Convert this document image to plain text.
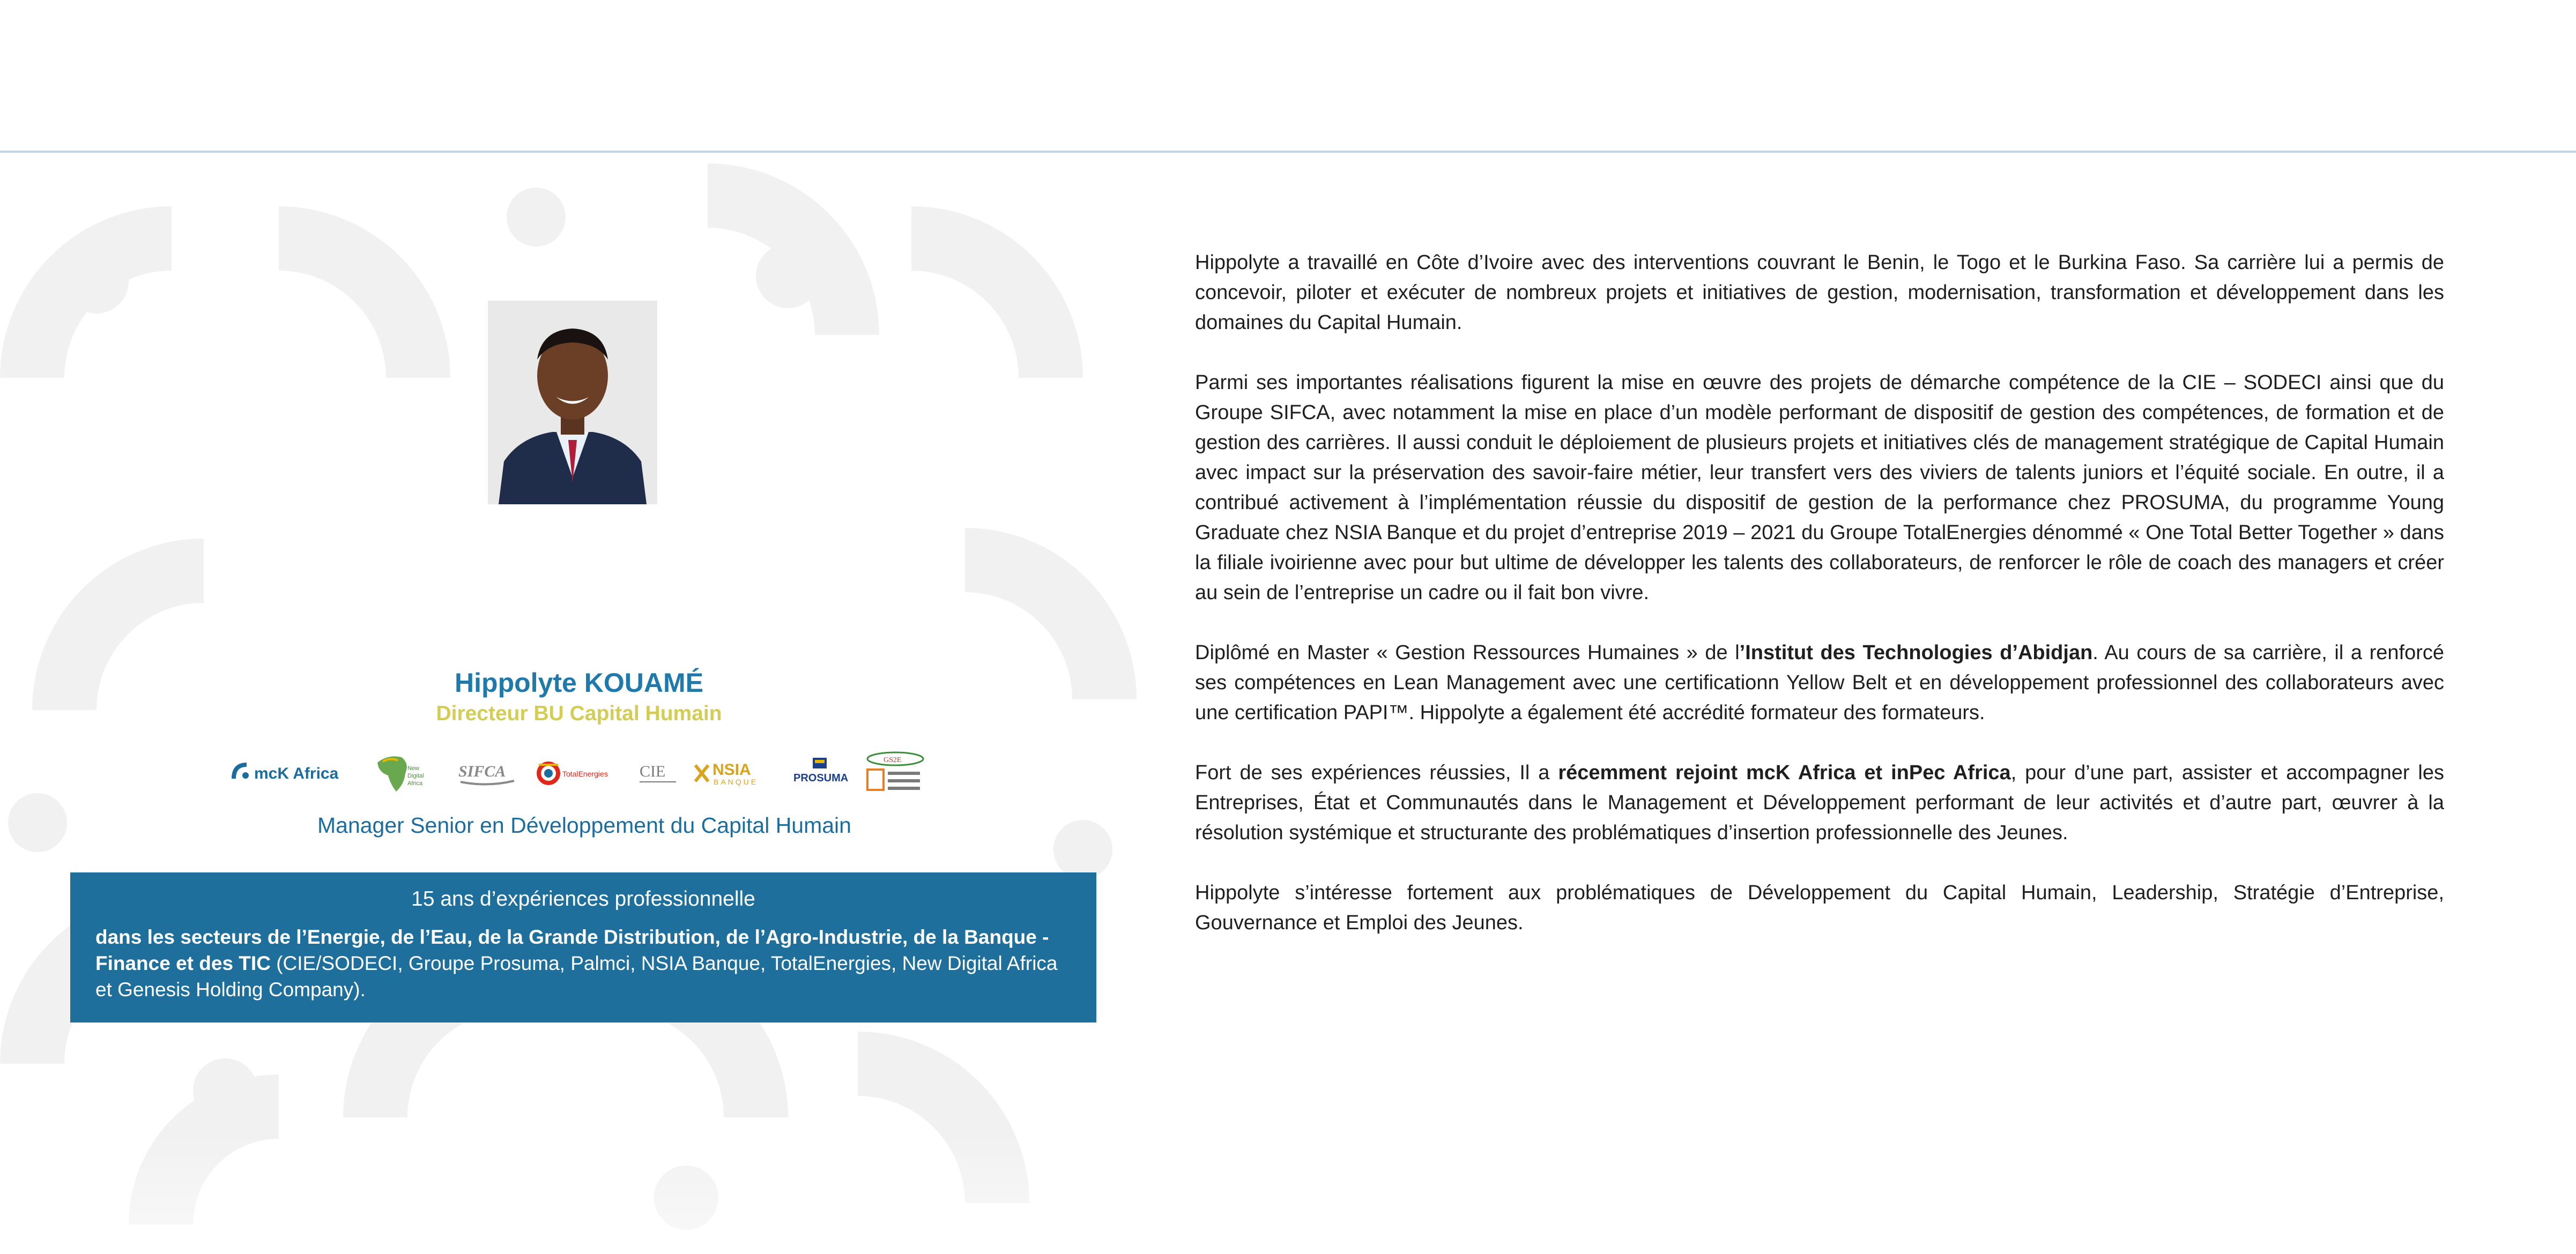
Hippolyte KOUAMÉ
Directeur BU Capital Humain
mcK Africa	New
Digital
Africa
SIFCA	TotalEnergies CIE	NSIA
BANQUE	PROSUMA
GS2E
Manager Senior en Développement du Capital Humain
15 ans d’expériences professionnelle
dans les secteurs de l’Energie, de l’Eau, de la Grande Distribution, de l’Agro-Industrie, de la Banque - Finance et des TIC (CIE/SODECI, Groupe Prosuma, Palmci, NSIA Banque, TotalEnergies, New Digital Africa et Genesis Holding Company).

Hippolyte a travaillé en Côte d’Ivoire avec des interventions couvrant le Benin, le Togo et le Burkina Faso. Sa carrière lui a permis de concevoir, piloter et exécuter de nombreux projets et initiatives de gestion, modernisation, transformation et développement dans les domaines du Capital Humain.

Parmi ses importantes réalisations figurent la mise en œuvre des projets de démarche compétence de la CIE – SODECI ainsi que du Groupe SIFCA, avec notamment la mise en place d’un modèle performant de dispositif de gestion des compétences, de formation et de gestion des carrières. Il aussi conduit le déploiement de plusieurs projets et initiatives clés de management stratégique de Capital Humain avec impact sur la préservation des savoir-faire métier, leur transfert vers des viviers de talents juniors et l’équité sociale. En outre, il a contribué activement à l’implémentation réussie du dispositif de gestion de la performance chez PROSUMA, du programme Young Graduate chez NSIA Banque et du projet d’entreprise 2019 – 2021 du Groupe TotalEnergies dénommé « One Total Better Together » dans la filiale ivoirienne avec pour but ultime de développer les talents des collaborateurs, de renforcer le rôle de coach des managers et créer au sein de l’entreprise un cadre ou il fait bon vivre.

Diplômé en Master « Gestion Ressources Humaines » de l’Institut des Technologies d’Abidjan. Au cours de sa carrière, il a renforcé ses compétences en Lean Management avec une certificationn Yellow Belt et en développement professionnel des collaborateurs avec une certification PAPI™. Hippolyte a également été accrédité formateur des formateurs.

Fort de ses expériences réussies, Il a récemment rejoint mcK Africa et inPec Africa, pour d’une part, assister et accompagner les Entreprises, État et Communautés dans le Management et Développement performant de leur activités et d’autre part, œuvrer à la résolution systémique et structurante des problématiques d’insertion professionnelle des Jeunes.

Hippolyte s’intéresse fortement aux problématiques de Développement du Capital Humain, Leadership, Stratégie d’Entreprise, Gouvernance et Emploi des Jeunes.
